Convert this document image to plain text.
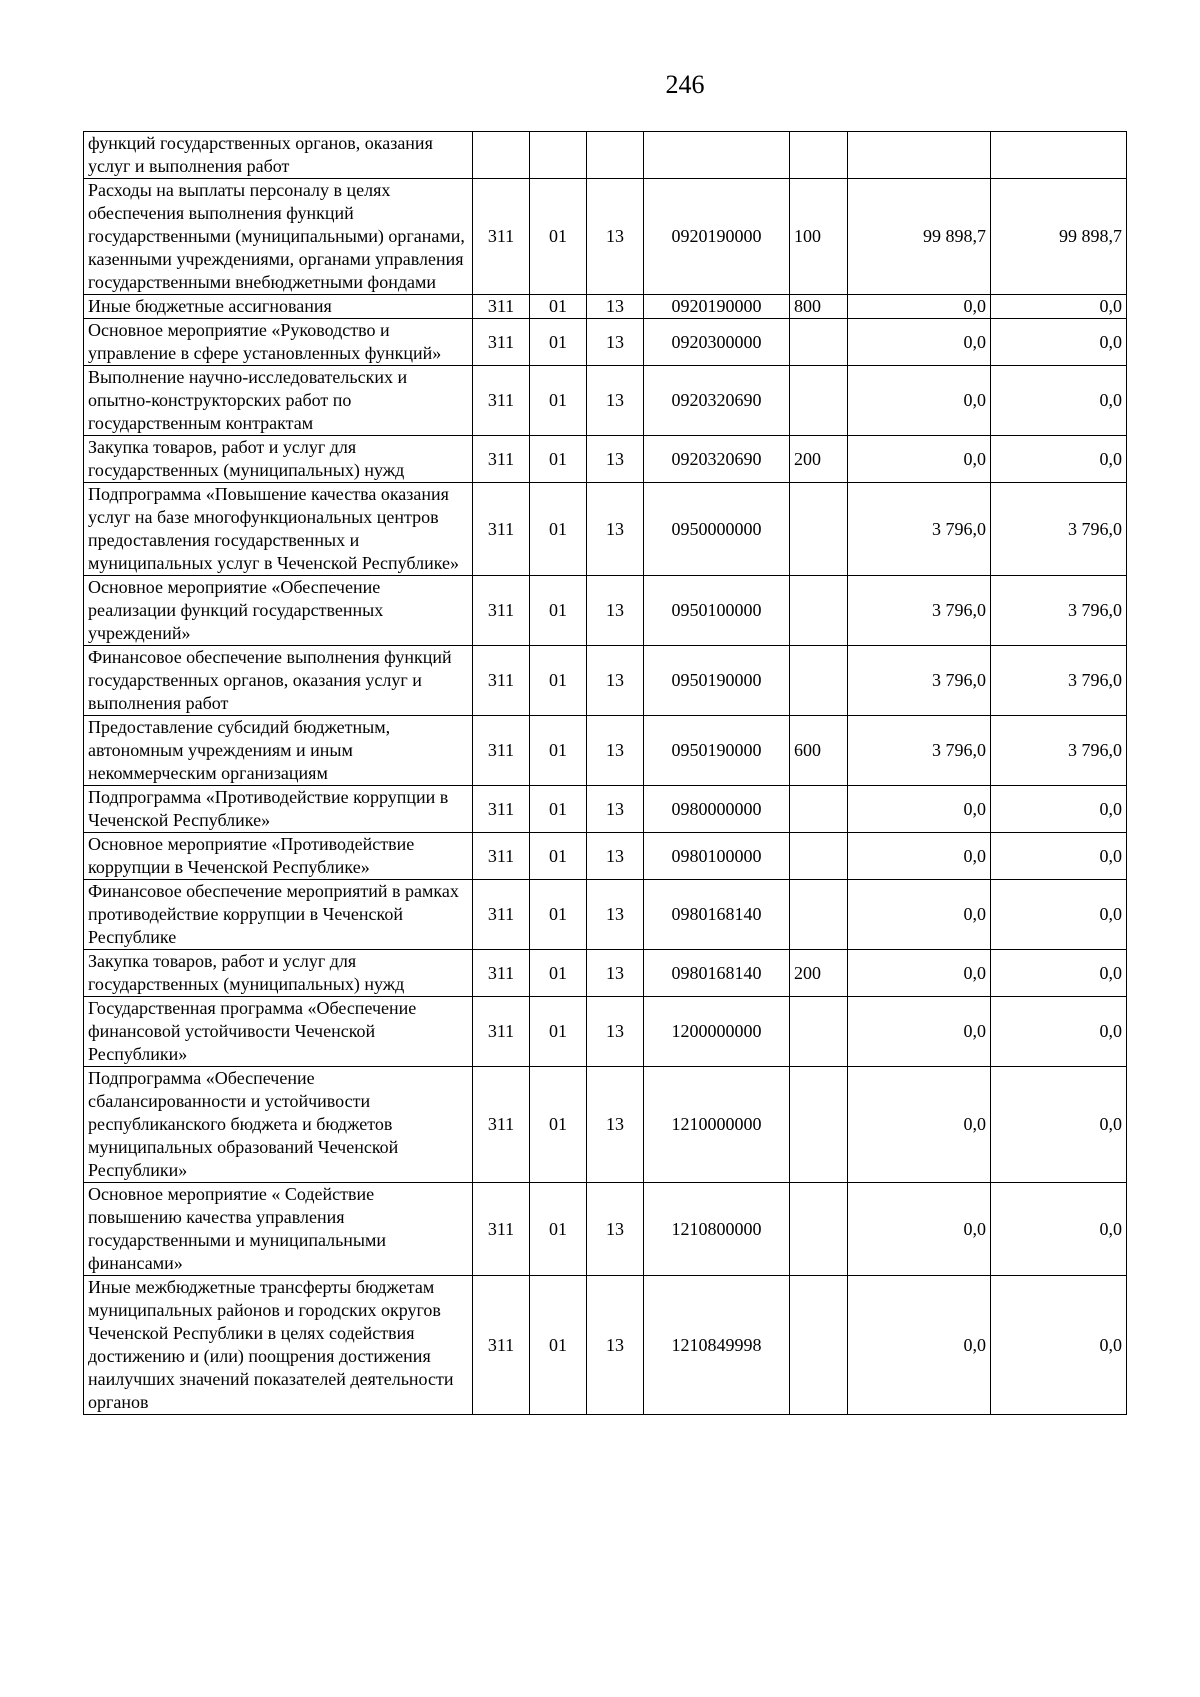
246
функций государственных органов, оказания услуг и выполнения работ							
Расходы на выплаты персоналу в целях обеспечения выполнения функций государственными (муниципальными) органами, казенными учреждениями, органами управления государственными внебюджетными фондами	311	01	13	0920190000	100	99 898,7	99 898,7
Иные бюджетные ассигнования	311	01	13	0920190000	800	0,0	0,0
Основное мероприятие «Руководство и управление в сфере установленных функций»	311	01	13	0920300000		0,0	0,0
Выполнение научно-исследовательских и опытно-конструкторских работ по государственным контрактам	311	01	13	0920320690		0,0	0,0
Закупка товаров, работ и услуг для государственных (муниципальных) нужд	311	01	13	0920320690	200	0,0	0,0
Подпрограмма «Повышение качества оказания услуг на базе многофункциональных центров предоставления государственных и муниципальных услуг в Чеченской Республике»	311	01	13	0950000000		3 796,0	3 796,0
Основное мероприятие «Обеспечение реализации функций государственных учреждений»	311	01	13	0950100000		3 796,0	3 796,0
Финансовое обеспечение выполнения функций государственных органов, оказания услуг и выполнения работ	311	01	13	0950190000		3 796,0	3 796,0
Предоставление субсидий бюджетным, автономным учреждениям и иным некоммерческим организациям	311	01	13	0950190000	600	3 796,0	3 796,0
Подпрограмма «Противодействие коррупции в Чеченской Республике»	311	01	13	0980000000		0,0	0,0
Основное мероприятие «Противодействие коррупции в Чеченской Республике»	311	01	13	0980100000		0,0	0,0
Финансовое обеспечение мероприятий в рамках противодействие коррупции в Чеченской Республике	311	01	13	0980168140		0,0	0,0
Закупка товаров, работ и услуг для государственных (муниципальных) нужд	311	01	13	0980168140	200	0,0	0,0
Государственная программа «Обеспечение финансовой устойчивости Чеченской Республики»	311	01	13	1200000000		0,0	0,0
Подпрограмма «Обеспечение сбалансированности и устойчивости республиканского бюджета и бюджетов муниципальных образований Чеченской Республики»	311	01	13	1210000000		0,0	0,0
Основное мероприятие « Содействие повышению качества управления государственными и муниципальными финансами»	311	01	13	1210800000		0,0	0,0
Иные межбюджетные трансферты бюджетам муниципальных районов и городских округов Чеченской Республики в целях содействия достижению и (или) поощрения достижения наилучших значений показателей деятельности органов	311	01	13	1210849998		0,0	0,0
